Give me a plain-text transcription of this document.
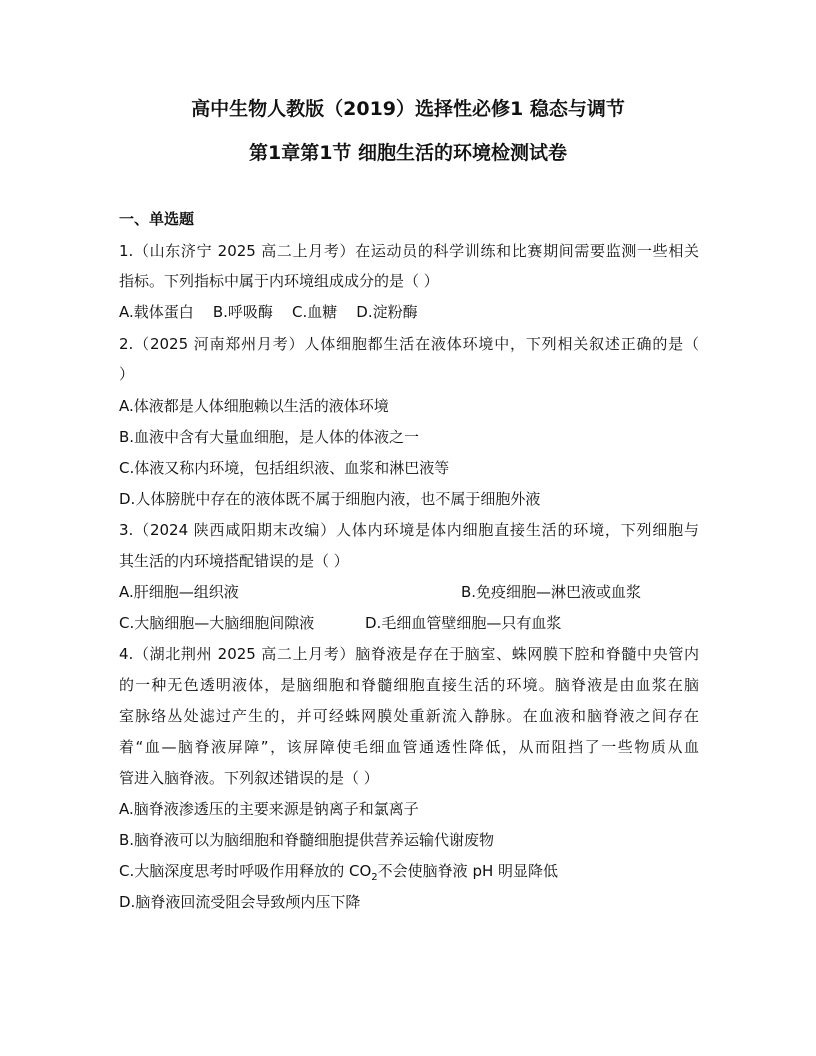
高中生物人教版（2019）选择性必修1 稳态与调节
第1章第1节 细胞生活的环境检测试卷
一、单选题
1.（山东济宁 2025 高二上月考）在运动员的科学训练和比赛期间需要监测一些相关
指标。下列指标中属于内环境组成成分的是（ ）
A.载体蛋白    B.呼吸酶    C.血糖    D.淀粉酶
2.（2025 河南郑州月考）人体细胞都生活在液体环境中，下列相关叙述正确的是（
）
A.体液都是人体细胞赖以生活的液体环境
B.血液中含有大量血细胞，是人体的体液之一
C.体液又称内环境，包括组织液、血浆和淋巴液等
D.人体膀胱中存在的液体既不属于细胞内液，也不属于细胞外液
3.（2024 陕西咸阳期末改编）人体内环境是体内细胞直接生活的环境，下列细胞与
其生活的内环境搭配错误的是（ ）
A.肝细胞—组织液	B.免疫细胞—淋巴液或血浆
C.大脑细胞—大脑细胞间隙液	D.毛细血管壁细胞—只有血浆
4.（湖北荆州 2025 高二上月考）脑脊液是存在于脑室、蛛网膜下腔和脊髓中央管内
的一种无色透明液体，是脑细胞和脊髓细胞直接生活的环境。脑脊液是由血浆在脑
室脉络丛处滤过产生的，并可经蛛网膜处重新流入静脉。在血液和脑脊液之间存在
着“血—脑脊液屏障”，该屏障使毛细血管通透性降低，从而阻挡了一些物质从血
管进入脑脊液。下列叙述错误的是（ ）
A.脑脊液渗透压的主要来源是钠离子和氯离子
B.脑脊液可以为脑细胞和脊髓细胞提供营养运输代谢废物
C.大脑深度思考时呼吸作用释放的 $CO_2$不会使脑脊液 pH 明显降低
D.脑脊液回流受阻会导致颅内压下降
